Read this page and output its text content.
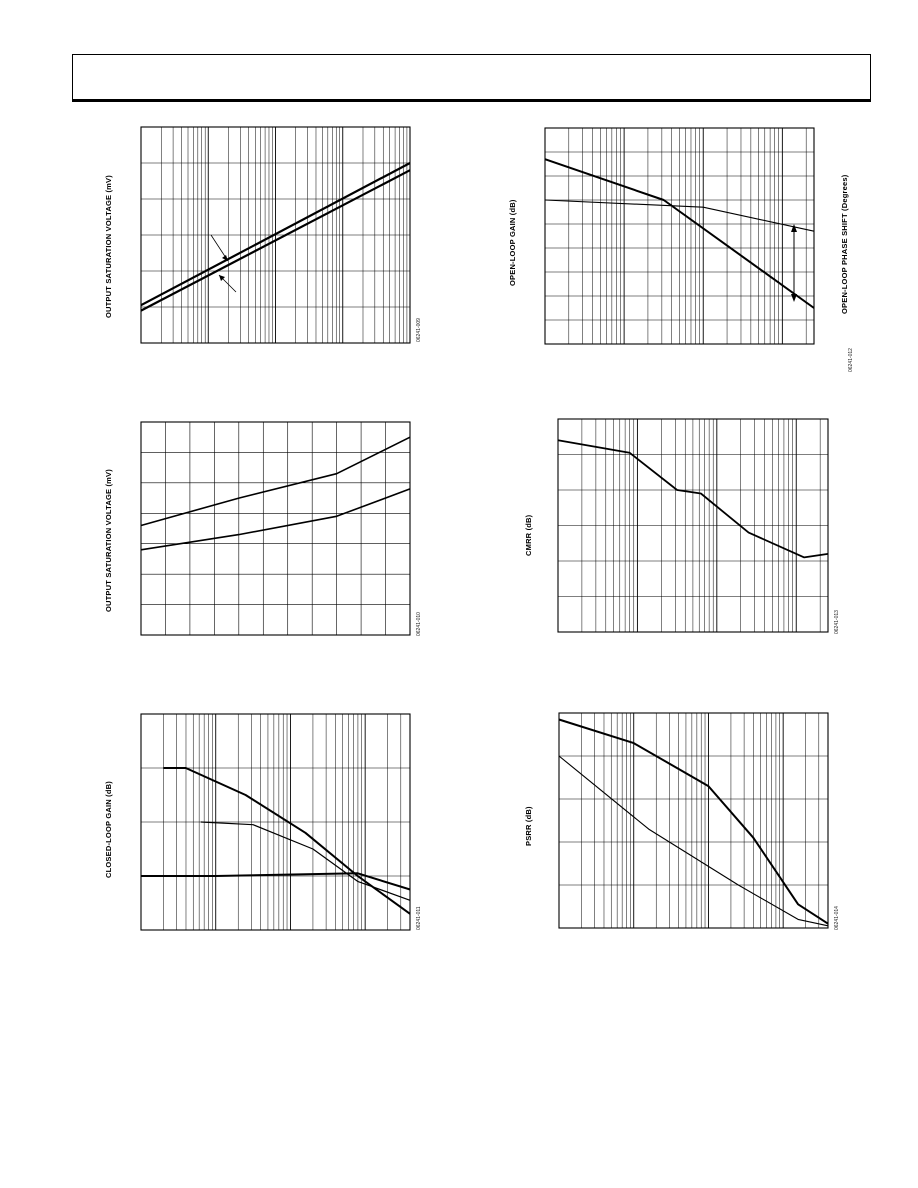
OUTPUT SATURATION VOLTAGE (mV)
06241-009
OPEN-LOOP GAIN (dB)	OPEN-LOOP PHASE SHIFT (Degrees)
06241-012
OUTPUT SATURATION VOLTAGE (mV)
06241-010
CMRR (dB)
06241-013
CLOSED-LOOP GAIN (dB)
06241-011
PSRR (dB)
06241-014
